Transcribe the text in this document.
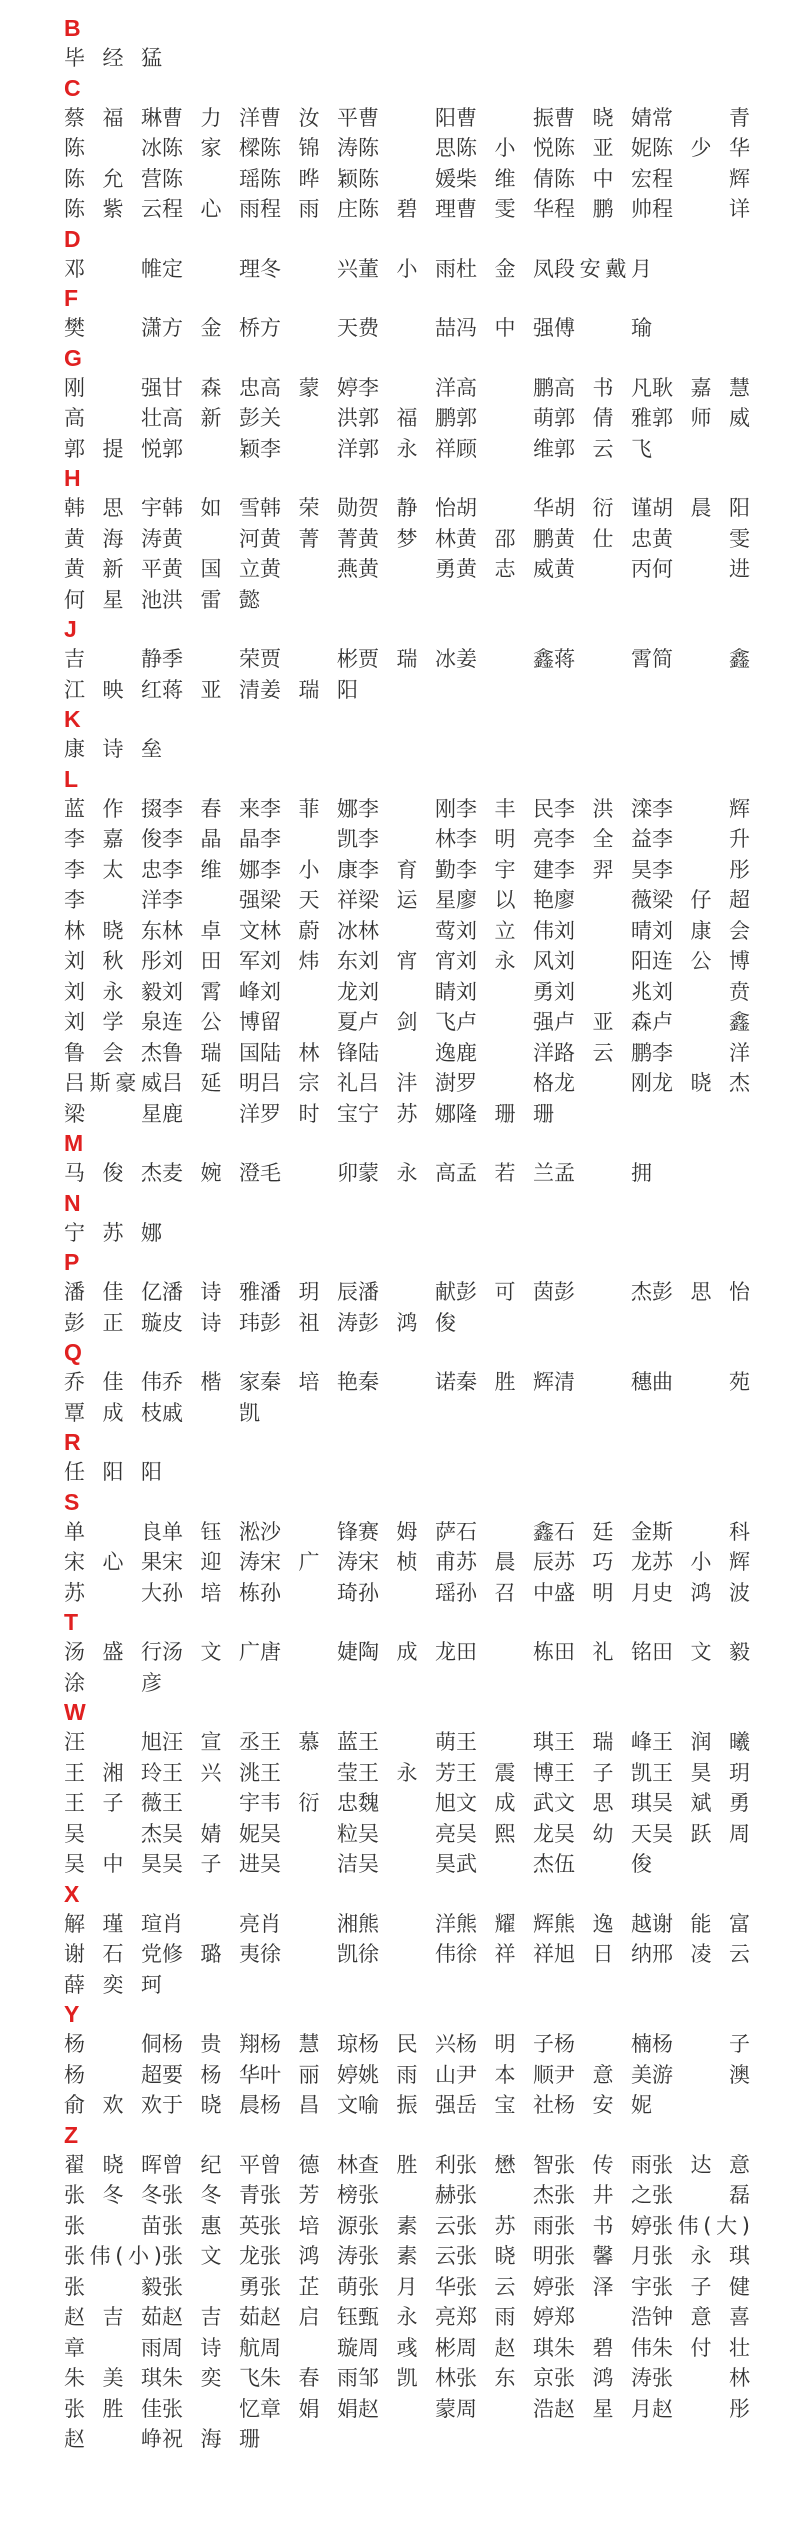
B
毕经猛
C
蔡福琳曹力洋曹汝平曹 阳曹 振曹晓婧常 青
陈 冰陈家樑陈锦涛陈 思陈小悦陈亚妮陈少华
陈允营陈 瑶陈晔颖陈 媛柴维倩陈中宏程 辉
陈紫云程心雨程雨庄陈碧理曹雯华程鹏帅程 详
D
邓 帷定 理冬 兴董小雨杜金凤段安戴月
F
樊 潇方金桥方 天费 喆冯中强傅 瑜
G
刚 强甘森忠高蒙婷李 洋高 鹏高书凡耿嘉慧
高 壮高新彭关 洪郭福鹏郭 萌郭倩雅郭师威
郭提悦郭 颖李 洋郭永祥顾 维郭云飞
H
韩思宇韩如雪韩荣勋贺静怡胡 华胡衍谨胡晨阳
黄海涛黄 河黄菁菁黄梦林黄邵鹏黄仕忠黄 雯
黄新平黄国立黄 燕黄 勇黄志威黄 丙何 进
何星池洪雷懿
J
吉 静季 荣贾 彬贾瑞冰姜 鑫蒋 霄简 鑫
江映红蒋亚清姜瑞阳
K
康诗垒
L
蓝作掇李春来李菲娜李 刚李丰民李洪滦李 辉
李嘉俊李晶晶李 凯李 林李明亮李全益李 升
李太忠李维娜李小康李育勤李宇建李羿昊李 彤
李 洋李 强梁天祥梁运星廖以艳廖 薇梁仔超
林晓东林卓文林蔚冰林 莺刘立伟刘 晴刘康会
刘秋彤刘田军刘炜东刘宵宵刘永风刘 阳连公博
刘永毅刘霄峰刘 龙刘 睛刘 勇刘 兆刘 贲
刘学泉连公博留 夏卢剑飞卢 强卢亚森卢 鑫
鲁会杰鲁瑞国陆林锋陆 逸鹿 洋路云鹏李 洋
吕斯豪威吕延明吕宗礼吕沣澍罗 格龙 刚龙晓杰
梁 星鹿 洋罗时宝宁苏娜隆珊珊
M
马俊杰麦婉澄毛 卯蒙永高孟若兰孟 拥
N
宁苏娜
P
潘佳亿潘诗雅潘玥辰潘 献彭可茵彭 杰彭思怡
彭正璇皮诗玮彭祖涛彭鸿俊
Q
乔佳伟乔楷家秦培艳秦 诺秦胜辉清 穗曲 苑
覃成枝戚 凯
R
任阳阳
S
单 良单钰淞沙 锋赛姆萨石 鑫石廷金斯 科
宋心果宋迎涛宋广涛宋桢甫苏晨辰苏巧龙苏小辉
苏 大孙培栋孙 琦孙 瑶孙召中盛明月史鸿波
T
汤盛行汤文广唐 婕陶成龙田 栋田礼铭田文毅
涂 彦
W
汪 旭汪宣丞王慕蓝王 萌王 琪王瑞峰王润曦
王湘玲王兴洮王 莹王永芳王震博王子凯王昊玥
王子薇王 宇韦衍忠魏 旭文成武文思琪吴斌勇
吴 杰吴婧妮吴 粒吴 亮吴熙龙吴幼天吴跃周
吴中昊吴子进吴 洁吴 昊武 杰伍 俊
X
解瑾瑄肖 亮肖 湘熊 洋熊耀辉熊逸越谢能富
谢石党修璐夷徐 凯徐 伟徐祥祥旭日纳邢凌云
薛奕珂
Y
杨 侗杨贵翔杨慧琼杨民兴杨明子杨 楠杨 子
杨 超要杨华叶丽婷姚雨山尹本顺尹意美游 澳
俞欢欢于晓晨杨昌文喻振强岳宝社杨安妮
Z
翟晓晖曾纪平曾德林查胜利张懋智张传雨张达意
张冬冬张冬青张芳榜张 赫张 杰张井之张 磊
张 苗张惠英张培源张素云张苏雨张书婷张伟(大)
张伟(小)张文龙张鸿涛张素云张晓明张馨月张永琪
张 毅张 勇张芷萌张月华张云婷张泽宇张子健
赵吉茹赵吉茹赵启钰甄永亮郑雨婷郑 浩钟意喜
章 雨周诗航周 璇周彧彬周赵琪朱碧伟朱付壮
朱美琪朱奕飞朱春雨邹凯林张东京张鸿涛张 林
张胜佳张 忆章娟娟赵 蒙周 浩赵星月赵 彤
赵 峥祝海珊
